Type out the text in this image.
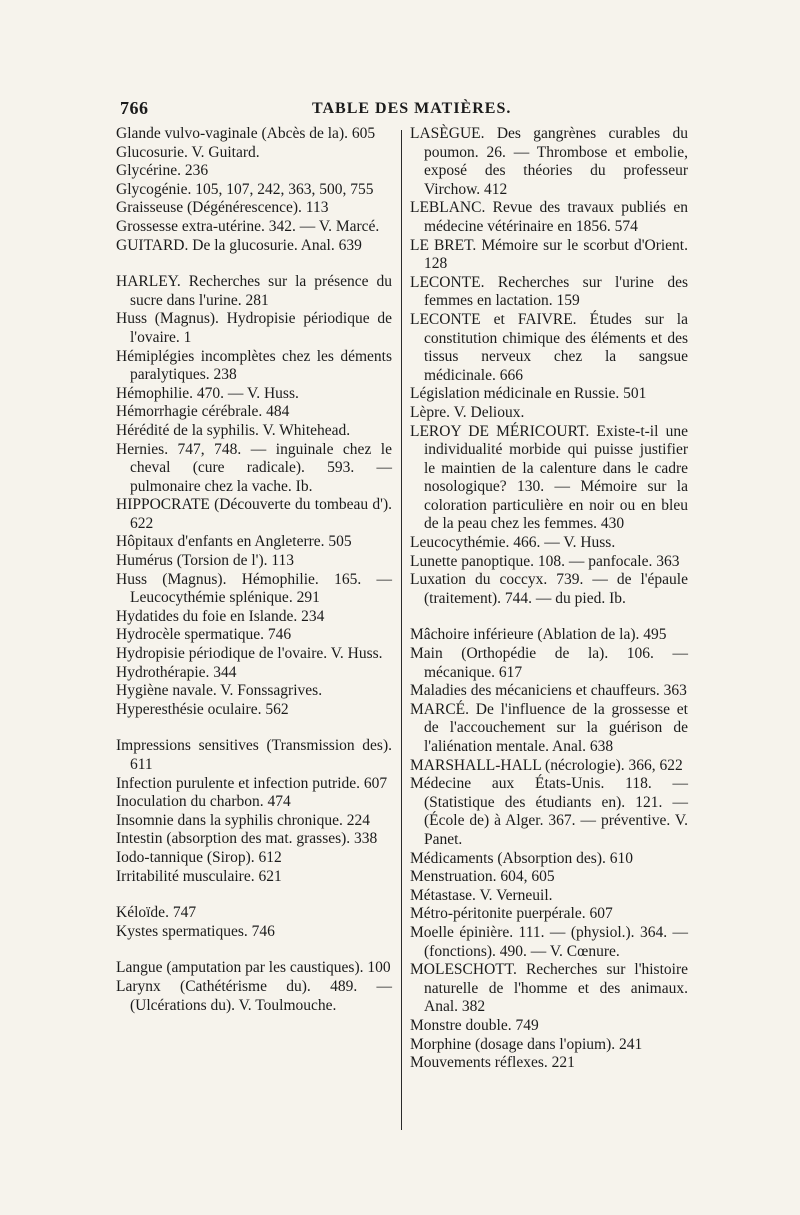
766	TABLE DES MATIÈRES.

Glande vulvo-vaginale (Abcès de la). 605

Glucosurie. V. Guitard.

Glycérine. 236

Glycogénie. 105, 107, 242, 363, 500, 755

Graisseuse (Dégénérescence). 113

Grossesse extra-utérine. 342. — V. Marcé.

GUITARD. De la glucosurie. Anal. 639

HARLEY. Recherches sur la présence du sucre dans l'urine. 281

Huss (Magnus). Hydropisie périodique de l'ovaire. 1

Hémiplégies incomplètes chez les déments paralytiques. 238

Hémophilie. 470. — V. Huss.

Hémorrhagie cérébrale. 484

Hérédité de la syphilis. V. Whitehead.

Hernies. 747, 748. — inguinale chez le cheval (cure radicale). 593. — pulmonaire chez la vache. Ib.

HIPPOCRATE (Découverte du tombeau d'). 622

Hôpitaux d'enfants en Angleterre. 505

Humérus (Torsion de l'). 113

Huss (Magnus). Hémophilie. 165. — Leucocythémie splénique. 291

Hydatides du foie en Islande. 234

Hydrocèle spermatique. 746

Hydropisie périodique de l'ovaire. V. Huss.

Hydrothérapie. 344

Hygiène navale. V. Fonssagrives.

Hyperesthésie oculaire. 562

Impressions sensitives (Transmission des). 611

Infection purulente et infection putride. 607

Inoculation du charbon. 474

Insomnie dans la syphilis chronique. 224

Intestin (absorption des mat. grasses). 338

Iodo-tannique (Sirop). 612

Irritabilité musculaire. 621

Kéloïde. 747

Kystes spermatiques. 746

Langue (amputation par les caustiques). 100

Larynx (Cathétérisme du). 489. — (Ulcérations du). V. Toulmouche.

LASÈGUE. Des gangrènes curables du poumon. 26. — Thrombose et embolie, exposé des théories du professeur Virchow. 412

LEBLANC. Revue des travaux publiés en médecine vétérinaire en 1856. 574

LE BRET. Mémoire sur le scorbut d'Orient. 128

LECONTE. Recherches sur l'urine des femmes en lactation. 159

LECONTE et FAIVRE. Études sur la constitution chimique des éléments et des tissus nerveux chez la sangsue médicinale. 666

Législation médicinale en Russie. 501

Lèpre. V. Delioux.

LEROY DE MÉRICOURT. Existe-t-il une individualité morbide qui puisse justifier le maintien de la calenture dans le cadre nosologique? 130. — Mémoire sur la coloration particulière en noir ou en bleu de la peau chez les femmes. 430

Leucocythémie. 466. — V. Huss.

Lunette panoptique. 108. — panfocale. 363

Luxation du coccyx. 739. — de l'épaule (traitement). 744. — du pied. Ib.

Mâchoire inférieure (Ablation de la). 495

Main (Orthopédie de la). 106. — mécanique. 617

Maladies des mécaniciens et chauffeurs. 363

MARCÉ. De l'influence de la grossesse et de l'accouchement sur la guérison de l'aliénation mentale. Anal. 638

MARSHALL-HALL (nécrologie). 366, 622

Médecine aux États-Unis. 118. — (Statistique des étudiants en). 121. — (École de) à Alger. 367. — préventive. V. Panet.

Médicaments (Absorption des). 610

Menstruation. 604, 605

Métastase. V. Verneuil.

Métro-péritonite puerpérale. 607

Moelle épinière. 111. — (physiol.). 364. — (fonctions). 490. — V. Cœnure.

MOLESCHOTT. Recherches sur l'histoire naturelle de l'homme et des animaux. Anal. 382

Monstre double. 749

Morphine (dosage dans l'opium). 241

Mouvements réflexes. 221
